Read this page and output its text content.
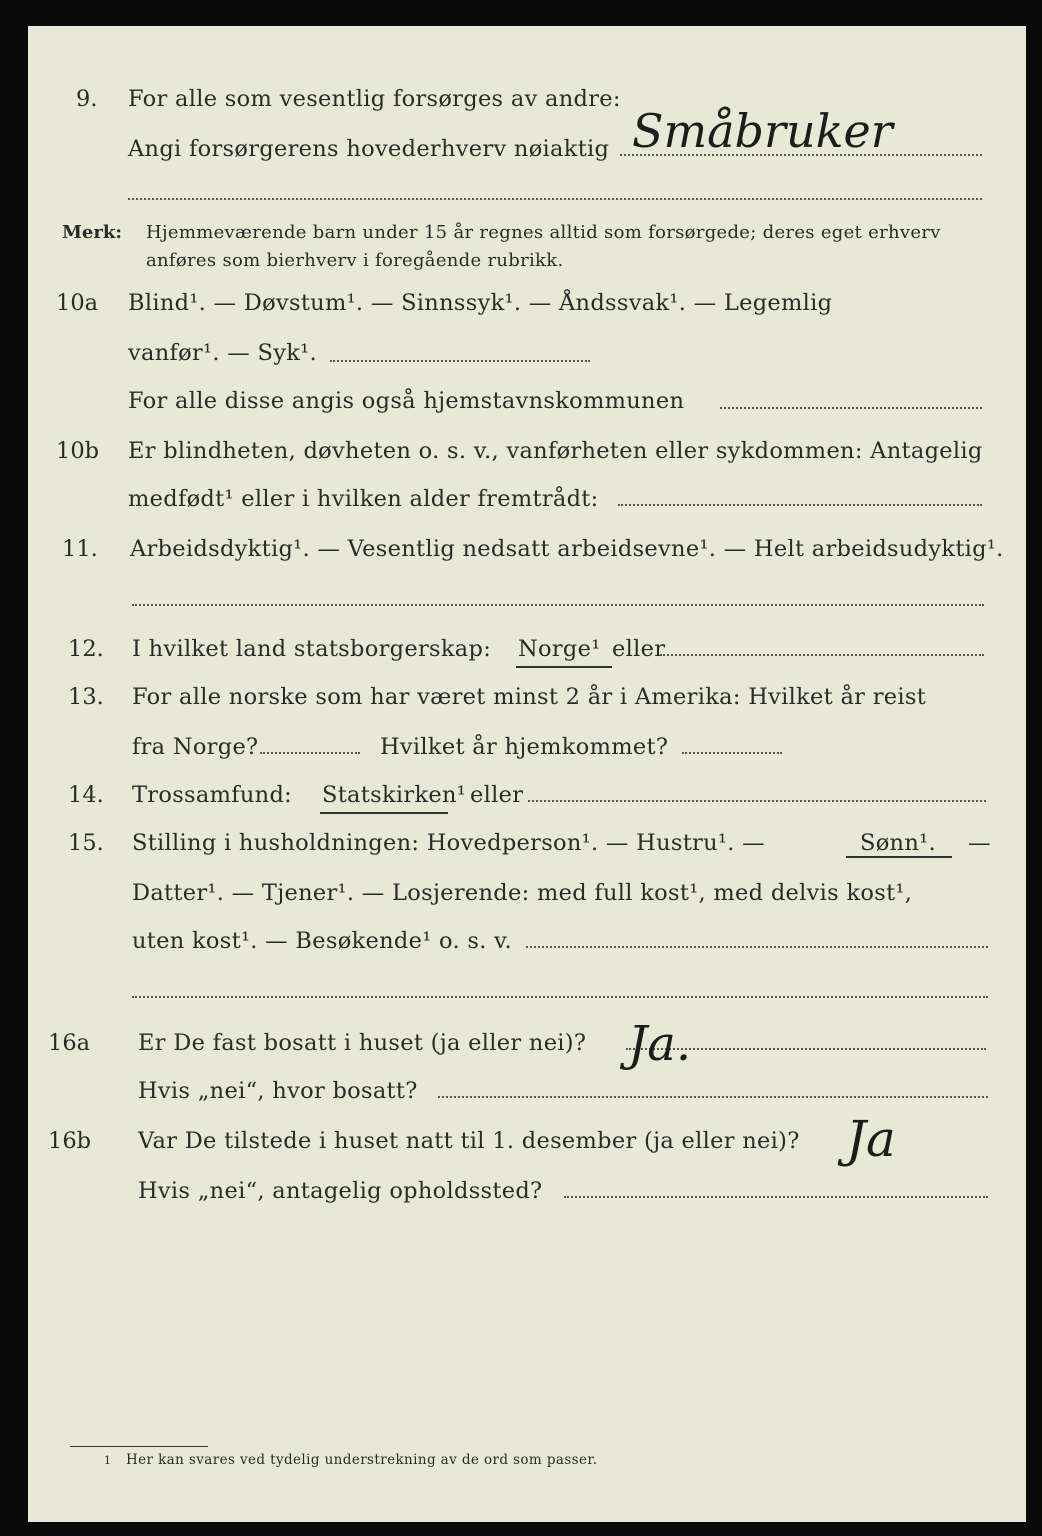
9. For alle som vesentlig forsørges av andre:
Angi forsørgerens hovederhverv nøiaktig Småbruker
Merk: Hjemmeværende barn under 15 år regnes alltid som forsørgede; deres eget erhverv
anføres som bierhverv i foregående rubrikk.
10a Blind¹. — Døvstum¹. — Sinnssyk¹. — Åndssvak¹. — Legemlig
vanfør¹. — Syk¹.
For alle disse angis også hjemstavnskommunen
10b Er blindheten, døvheten o. s. v., vanførheten eller sykdommen: Antagelig
medfødt¹ eller i hvilken alder fremtrådt:
11. Arbeidsdyktig¹. — Vesentlig nedsatt arbeidsevne¹. — Helt arbeidsudyktig¹.
12. I hvilket land statsborgerskap: Norge¹ eller
13. For alle norske som har været minst 2 år i Amerika: Hvilket år reist
fra Norge?	Hvilket år hjemkommet?
14. Trossamfund: Statskirken¹ eller
15. Stilling i husholdningen: Hovedperson¹. — Hustru¹. —	Sønn¹. —
Datter¹. — Tjener¹. — Losjerende: med full kost¹, med delvis kost¹,
uten kost¹. — Besøkende¹ o. s. v.
16a Er De fast bosatt i huset (ja eller nei)? Ja.
Hvis „nei“, hvor bosatt?
16b Var De tilstede i huset natt til 1. desember (ja eller nei)? Ja
Hvis „nei“, antagelig opholdssted?
1 Her kan svares ved tydelig understrekning av de ord som passer.
